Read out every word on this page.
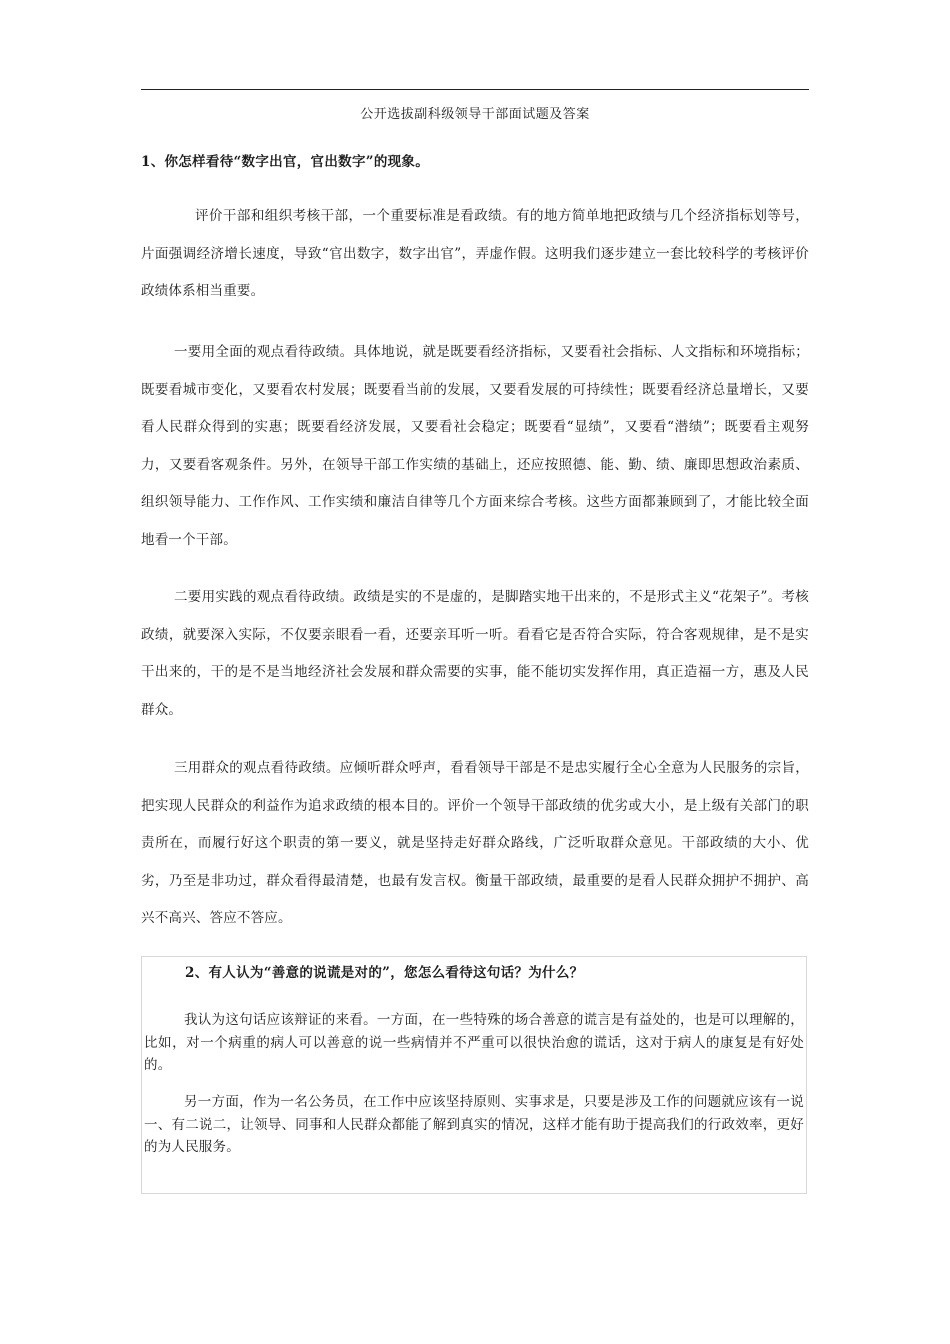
公开选拔副科级领导干部面试题及答案
1、你怎样看待“数字出官，官出数字”的现象。

评价干部和组织考核干部，一个重要标准是看政绩。有的地方简单地把政绩与几个经济指标划等号，片面强调经济增长速度，导致“官出数字，数字出官”，弄虚作假。这明我们逐步建立一套比较科学的考核评价政绩体系相当重要。

一要用全面的观点看待政绩。具体地说，就是既要看经济指标，又要看社会指标、人文指标和环境指标；既要看城市变化，又要看农村发展；既要看当前的发展，又要看发展的可持续性；既要看经济总量增长，又要看人民群众得到的实惠；既要看经济发展，又要看社会稳定；既要看“显绩”，又要看“潜绩”；既要看主观努力，又要看客观条件。另外，在领导干部工作实绩的基础上，还应按照德、能、勤、绩、廉即思想政治素质、组织领导能力、工作作风、工作实绩和廉洁自律等几个方面来综合考核。这些方面都兼顾到了，才能比较全面地看一个干部。

二要用实践的观点看待政绩。政绩是实的不是虚的，是脚踏实地干出来的，不是形式主义“花架子”。考核政绩，就要深入实际，不仅要亲眼看一看，还要亲耳听一听。看看它是否符合实际，符合客观规律，是不是实干出来的，干的是不是当地经济社会发展和群众需要的实事，能不能切实发挥作用，真正造福一方，惠及人民群众。

三用群众的观点看待政绩。应倾听群众呼声，看看领导干部是不是忠实履行全心全意为人民服务的宗旨，把实现人民群众的利益作为追求政绩的根本目的。评价一个领导干部政绩的优劣或大小，是上级有关部门的职责所在，而履行好这个职责的第一要义，就是坚持走好群众路线，广泛听取群众意见。干部政绩的大小、优劣，乃至是非功过，群众看得最清楚，也最有发言权。衡量干部政绩，最重要的是看人民群众拥护不拥护、高兴不高兴、答应不答应。

2、有人认为“善意的说谎是对的”，您怎么看待这句话？为什么？

我认为这句话应该辩证的来看。一方面，在一些特殊的场合善意的谎言是有益处的，也是可以理解的，比如，对一个病重的病人可以善意的说一些病情并不严重可以很快治愈的谎话，这对于病人的康复是有好处的。

另一方面，作为一名公务员，在工作中应该坚持原则、实事求是，只要是涉及工作的问题就应该有一说一、有二说二，让领导、同事和人民群众都能了解到真实的情况，这样才能有助于提高我们的行政效率，更好的为人民服务。
